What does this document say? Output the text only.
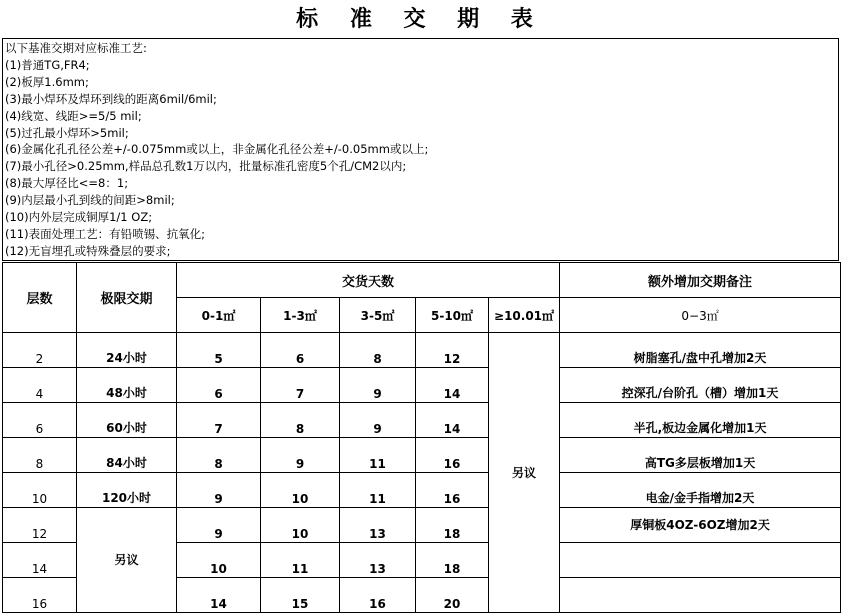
标 准 交 期 表
以下基准交期对应标准工艺:
(1)普通TG,FR4;
(2)板厚1.6mm;
(3)最小焊环及焊环到线的距离6mil/6mil;
(4)线宽、线距>=5/5 mil;
(5)过孔最小焊环>5mil;
(6)金属化孔孔径公差+/-0.075mm或以上，非金属化孔径公差+/-0.05mm或以上;
(7)最小孔径>0.25mm,样品总孔数1万以内，批量标准孔密度5个孔/CM2以内;
(8)最大厚径比<=8：1;
(9)内层最小孔到线的间距>8mil;
(10)内外层完成铜厚1/1 OZ;
(11)表面处理工艺：有铅喷锡、抗氧化;
(12)无盲埋孔或特殊叠层的要求;
层数	极限交期	交货天数					额外增加交期备注
		0-1㎡	1-3㎡	3-5㎡	5-10㎡	≥10.01㎡	0−3㎡
2	24小时	5	6	8	12	另议	树脂塞孔/盘中孔增加2天
4	48小时	6	7	9	14		控深孔/台阶孔（槽）增加1天
6	60小时	7	8	9	14		半孔,板边金属化增加1天
8	84小时	8	9	11	16		高TG多层板增加1天
10	120小时	9	10	11	16		电金/金手指增加2天
12	另议	9	10	13	18		厚铜板4OZ-6OZ增加2天
14		10	11	13	18		
16		14	15	16	20		
